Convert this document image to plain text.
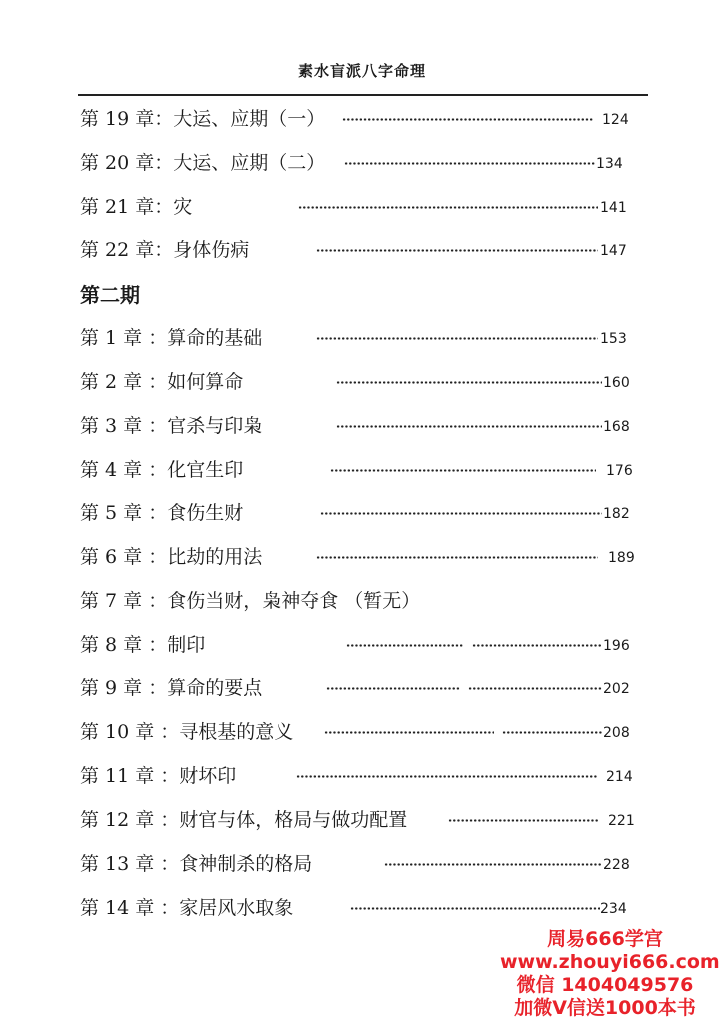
素水盲派八字命理
第 19 章：大运、应期（一）	124
第 20 章：大运、应期（二）	134
第 21 章：灾	141
第 22 章：身体伤病	147
第二期
第 1 章 ：算命的基础	153
第 2 章 ：如何算命	160
第 3 章 ：官杀与印枭	168
第 4 章 ：化官生印	176
第 5 章 ：食伤生财	182
第 6 章 ：比劫的用法	189
第 7 章 ：食伤当财，枭神夺食 （暂无）
第 8 章 ：制印	196
第 9 章 ：算命的要点	202
第 10 章 ：寻根基的意义	208
第 11 章 ：财坏印	214
第 12 章 ：财官与体，格局与做功配置	221
第 13 章 ：食神制杀的格局	228
第 14 章 ：家居风水取象	234
周易666学宫
www.zhouyi666.com
微信 1404049576
加微V信送1000本书
